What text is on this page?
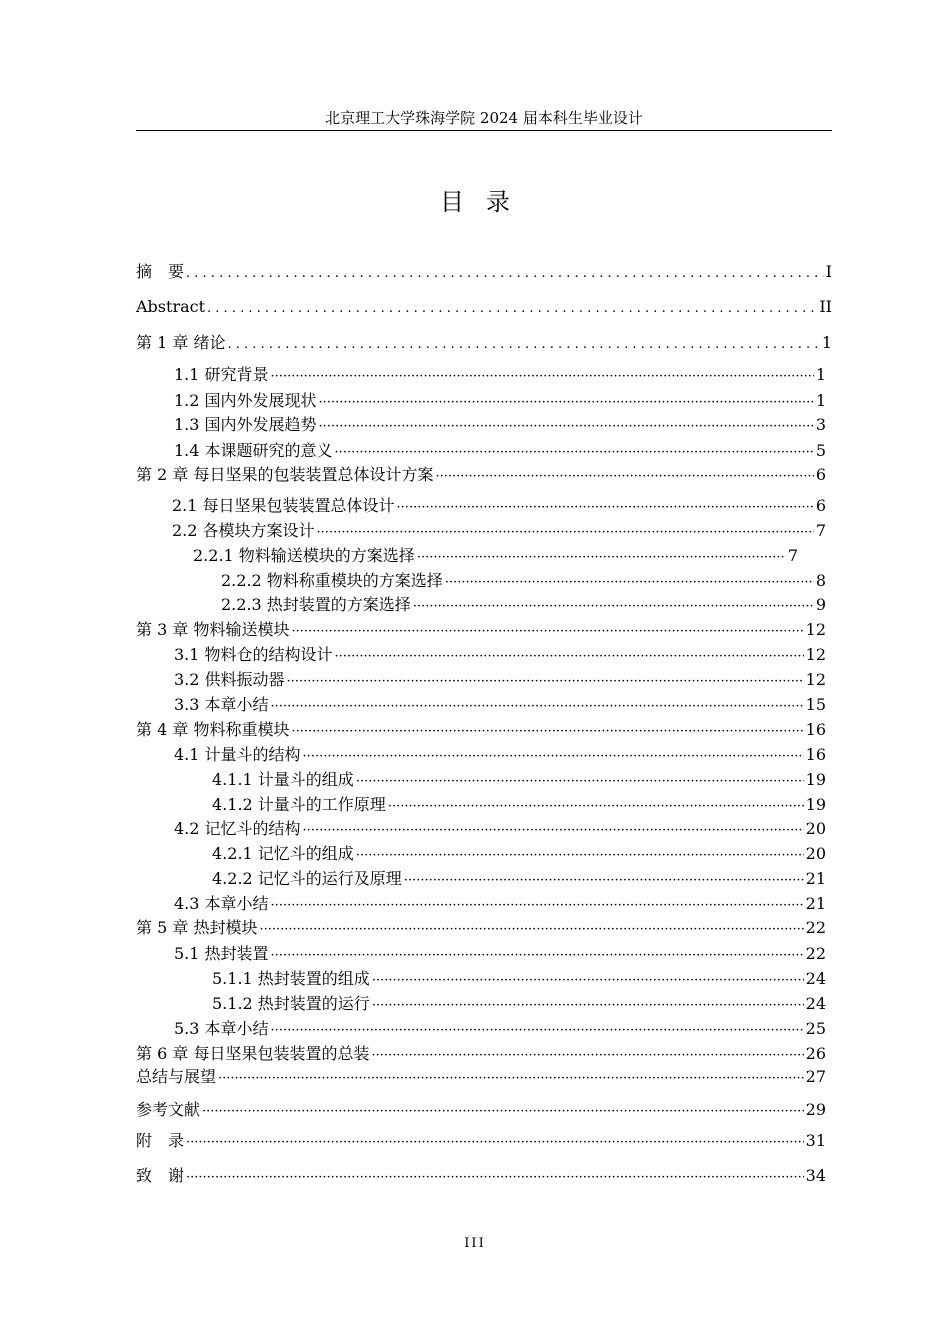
北京理工大学珠海学院 2024 届本科生毕业设计
目录
摘　要 . . .	I
Abstract . . .	II
第 1 章 绪论 . . .	1
1.1 研究背景 ·····	1
1.2 国内外发展现状 ·····	1
1.3 国内外发展趋势 ·····	3
1.4 本课题研究的意义 ·····	5
第 2 章 每日坚果的包装装置总体设计方案 ·····	6
2.1 每日坚果包装装置总体设计 ·····	6
2.2 各模块方案设计 ·····	7
2.2.1 物料输送模块的方案选择 ·····	7
2.2.2 物料称重模块的方案选择 ·····	8
2.2.3 热封装置的方案选择 ·····	9
第 3 章 物料输送模块 ·····	12
3.1 物料仓的结构设计 ·····	12
3.2 供料振动器 ·····	12
3.3 本章小结 ·····	15
第 4 章 物料称重模块 ·····	16
4.1 计量斗的结构 ·····	16
4.1.1 计量斗的组成 ·····	19
4.1.2 计量斗的工作原理 ·····	19
4.2 记忆斗的结构 ·····	20
4.2.1 记忆斗的组成 ·····	20
4.2.2 记忆斗的运行及原理 ·····	21
4.3 本章小结 ·····	21
第 5 章 热封模块 ·····	22
5.1 热封装置 ·····	22
5.1.1 热封装置的组成 ·····	24
5.1.2 热封装置的运行 ·····	24
5.3 本章小结 ·····	25
第 6 章 每日坚果包装装置的总装 ·····	26
总结与展望 ·····	27
参考文献 ·····	29
附　录 ·····	31
致　谢 ·····	34
III
